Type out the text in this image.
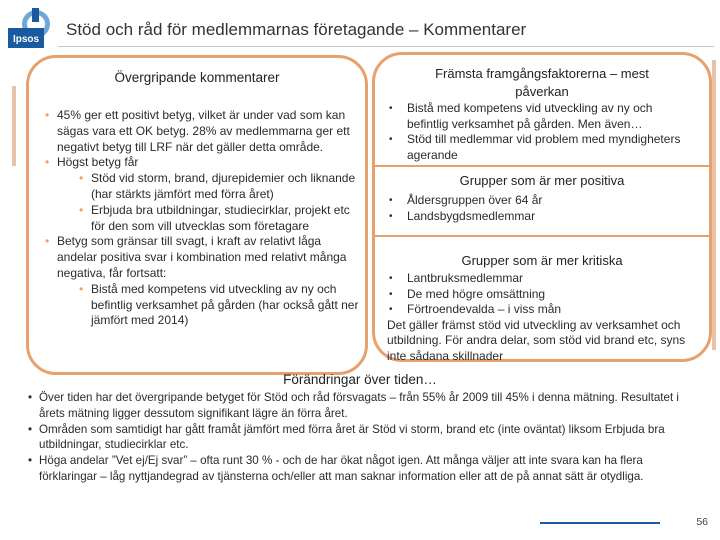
Ipsos
Stöd och råd för medlemmarnas företagande – Kommentarer
Övergripande kommentarer
• 45% ger ett positivt betyg, vilket är under vad som kan sägas vara ett OK betyg. 28% av medlemmarna ger ett negativt betyg till LRF när det gäller detta område.
• Högst betyg får
• Stöd vid storm, brand, djurepidemier och liknande (har stärkts jämfört med förra året)
• Erbjuda bra utbildningar, studiecirklar, projekt etc för den som vill utvecklas som företagare
• Betyg som gränsar till svagt, i kraft av relativt låga andelar positiva svar i kombination med relativt många negativa, får fortsatt:
• Bistå med kompetens vid utveckling av ny och befintlig verksamhet på gården (har också gått ner jämfört med 2014)
Främsta framgångsfaktorerna – mest påverkan
• Bistå med kompetens vid utveckling av ny och befintlig verksamhet på gården. Men även…
• Stöd till medlemmar vid problem med myndigheters agerande
Grupper som är mer positiva
• Åldersgruppen över 64 år
• Landsbygdsmedlemmar
Grupper som är mer kritiska
• Lantbruksmedlemmar
• De med högre omsättning
• Förtroendevalda – i viss mån
Det gäller främst stöd vid utveckling av verksamhet och utbildning. För andra delar, som stöd vid brand etc, syns inte sådana skillnader
Förändringar över tiden…
• Över tiden har det övergripande betyget för Stöd och råd försvagats – från 55% år 2009 till 45% i denna mätning. Resultatet i årets mätning ligger dessutom signifikant lägre än förra året.
• Områden som samtidigt har gått framåt jämfört med förra året är Stöd vi storm, brand etc (inte oväntat) liksom Erbjuda bra utbildningar, studiecirklar etc.
• Höga andelar ”Vet ej/Ej svar” – ofta runt 30 % - och de har ökat något igen. Att många väljer att inte svara kan ha flera förklaringar – låg nyttjandegrad av tjänsterna och/eller att man saknar information eller att de på annat sätt är otydliga.
56
